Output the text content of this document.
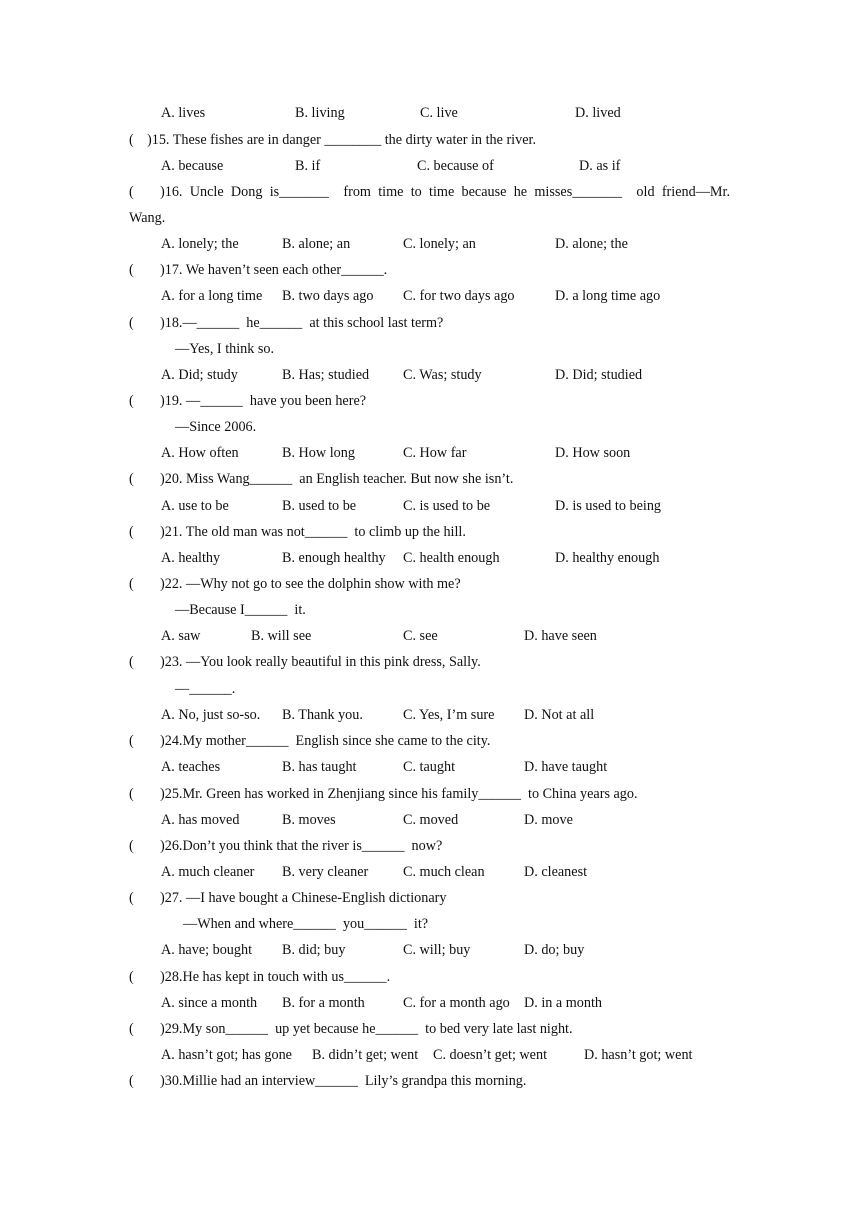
A. lives	B. living	C. live	D. lived
( )15. These fishes are in danger ________ the dirty water in the river.
A. because	B. if	C. because of	D. as if
( )16. Uncle Dong is_______  from time to time because he misses_______  old friend—Mr.
Wang.
A. lonely; the	B. alone; an	C. lonely; an	D. alone; the
( )17. We haven’t seen each other______.
A. for a long time B. two days ago C. for two days ago	D. a long time ago
( )18.—______  he______  at this school last term?
—Yes, I think so.
A. Did; study	B. Has; studied C. Was; study	D. Did; studied
( )19. —______  have you been here?
—Since 2006.
A. How often	B. How long	C. How far	D. How soon
( )20. Miss Wang______  an English teacher. But now she isn’t.
A. use to be	B. used to be	C. is used to be	D. is used to being
( )21. The old man was not______  to climb up the hill.
A. healthy	B. enough healthy C. health enough	D. healthy enough
( )22. —Why not go to see the dolphin show with me?
—Because I______  it.
A. saw	B. will see	C. see	D. have seen
( )23. —You look really beautiful in this pink dress, Sally.
—______.
A. No, just so-so. B. Thank you.	C. Yes, I’m sure D. Not at all
( )24.My mother______  English since she came to the city.
A. teaches	B. has taught	C. taught	D. have taught
( )25.Mr. Green has worked in Zhenjiang since his family______  to China years ago.
A. has moved	B. moves	C. moved	D. move
( )26.Don’t you think that the river is______  now?
A. much cleaner B. very cleaner C. much clean	D. cleanest
( )27. —I have bought a Chinese-English dictionary
—When and where______  you______  it?
A. have; bought B. did; buy	C. will; buy	D. do; buy
( )28.He has kept in touch with us______.
A. since a month B. for a month	C. for a month ago D. in a month
( )29.My son______  up yet because he______  to bed very late last night.
A. hasn’t got; has gone B. didn’t get; went C. doesn’t get; went	D. hasn’t got; went
( )30.Millie had an interview______  Lily’s grandpa this morning.
